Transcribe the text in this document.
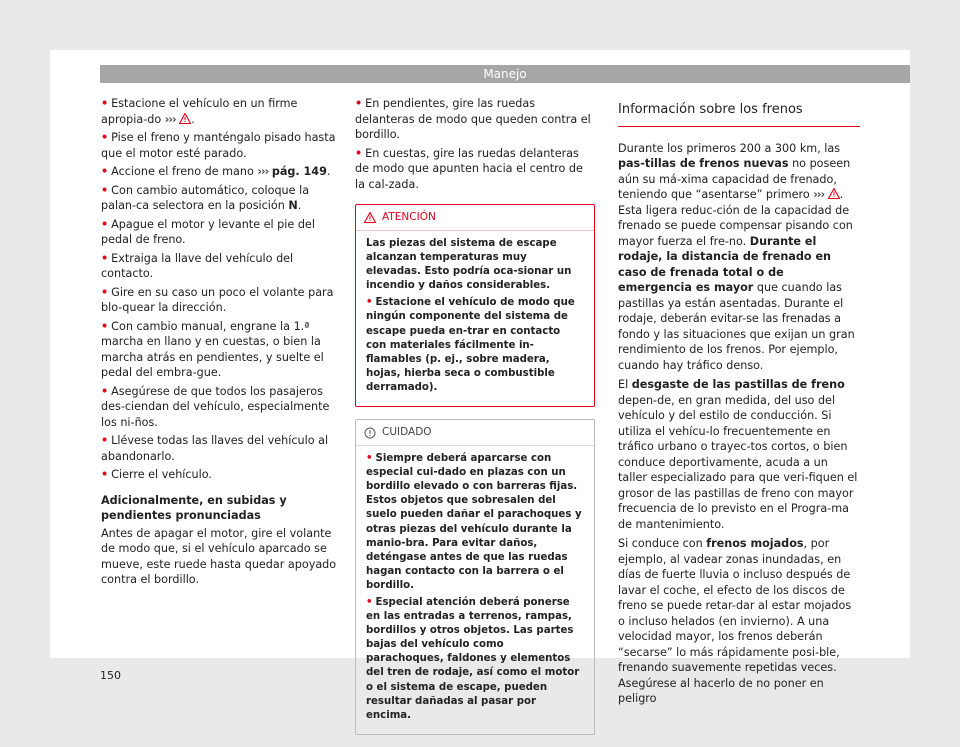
Manejo

• Estacione el vehículo en un firme apropia-do ››› .

• Pise el freno y manténgalo pisado hasta que el motor esté parado.

• Accione el freno de mano ››› pág. 149.

• Con cambio automático, coloque la palan-ca selectora en la posición N.

• Apague el motor y levante el pie del pedal de freno.

• Extraiga la llave del vehículo del contacto.

• Gire en su caso un poco el volante para blo-quear la dirección.

• Con cambio manual, engrane la 1.ª marcha en llano y en cuestas, o bien la marcha atrás en pendientes, y suelte el pedal del embra-gue.

• Asegúrese de que todos los pasajeros des-ciendan del vehículo, especialmente los ni-ños.

• Llévese todas las llaves del vehículo al abandonarlo.

• Cierre el vehículo.

Adicionalmente, en subidas y pendientes pronunciadas

Antes de apagar el motor, gire el volante de modo que, si el vehículo aparcado se mueve, este ruede hasta quedar apoyado contra el bordillo.

• En pendientes, gire las ruedas delanteras de modo que queden contra el bordillo.

• En cuestas, gire las ruedas delanteras de modo que apunten hacia el centro de la cal-zada.

ATENCIÓN

Las piezas del sistema de escape alcanzan temperaturas muy elevadas. Esto podría oca-sionar un incendio y daños considerables.

• Estacione el vehículo de modo que ningún componente del sistema de escape pueda en-trar en contacto con materiales fácilmente in-flamables (p. ej., sobre madera, hojas, hierba seca o combustible derramado).

CUIDADO

• Siempre deberá aparcarse con especial cui-dado en plazas con un bordillo elevado o con barreras fijas. Estos objetos que sobresalen del suelo pueden dañar el parachoques y otras piezas del vehículo durante la manio-bra. Para evitar daños, deténgase antes de que las ruedas hagan contacto con la barrera o el bordillo.

• Especial atención deberá ponerse en las entradas a terrenos, rampas, bordillos y otros objetos. Las partes bajas del vehículo como parachoques, faldones y elementos del tren de rodaje, así como el motor o el sistema de escape, pueden resultar dañadas al pasar por encima.

Información sobre los frenos

Durante los primeros 200 a 300 km, las pas-tillas de frenos nuevas no poseen aún su má-xima capacidad de frenado, teniendo que “asentarse” primero ››› . Esta ligera reduc-ción de la capacidad de frenado se puede compensar pisando con mayor fuerza el fre-no. Durante el rodaje, la distancia de frenado en caso de frenada total o de emergencia es mayor que cuando las pastillas ya están asentadas. Durante el rodaje, deberán evitar-se las frenadas a fondo y las situaciones que exijan un gran rendimiento de los frenos. Por ejemplo, cuando hay tráfico denso.

El desgaste de las pastillas de freno depen-de, en gran medida, del uso del vehículo y del estilo de conducción. Si utiliza el vehícu-lo frecuentemente en tráfico urbano o trayec-tos cortos, o bien conduce deportivamente, acuda a un taller especializado para que veri-fiquen el grosor de las pastillas de freno con mayor frecuencia de lo previsto en el Progra-ma de mantenimiento.

Si conduce con frenos mojados, por ejemplo, al vadear zonas inundadas, en días de fuerte lluvia o incluso después de lavar el coche, el efecto de los discos de freno se puede retar-dar al estar mojados o incluso helados (en invierno). A una velocidad mayor, los frenos deberán “secarse” lo más rápidamente posi-ble, frenando suavemente repetidas veces. Asegúrese al hacerlo de no poner en peligro

150
